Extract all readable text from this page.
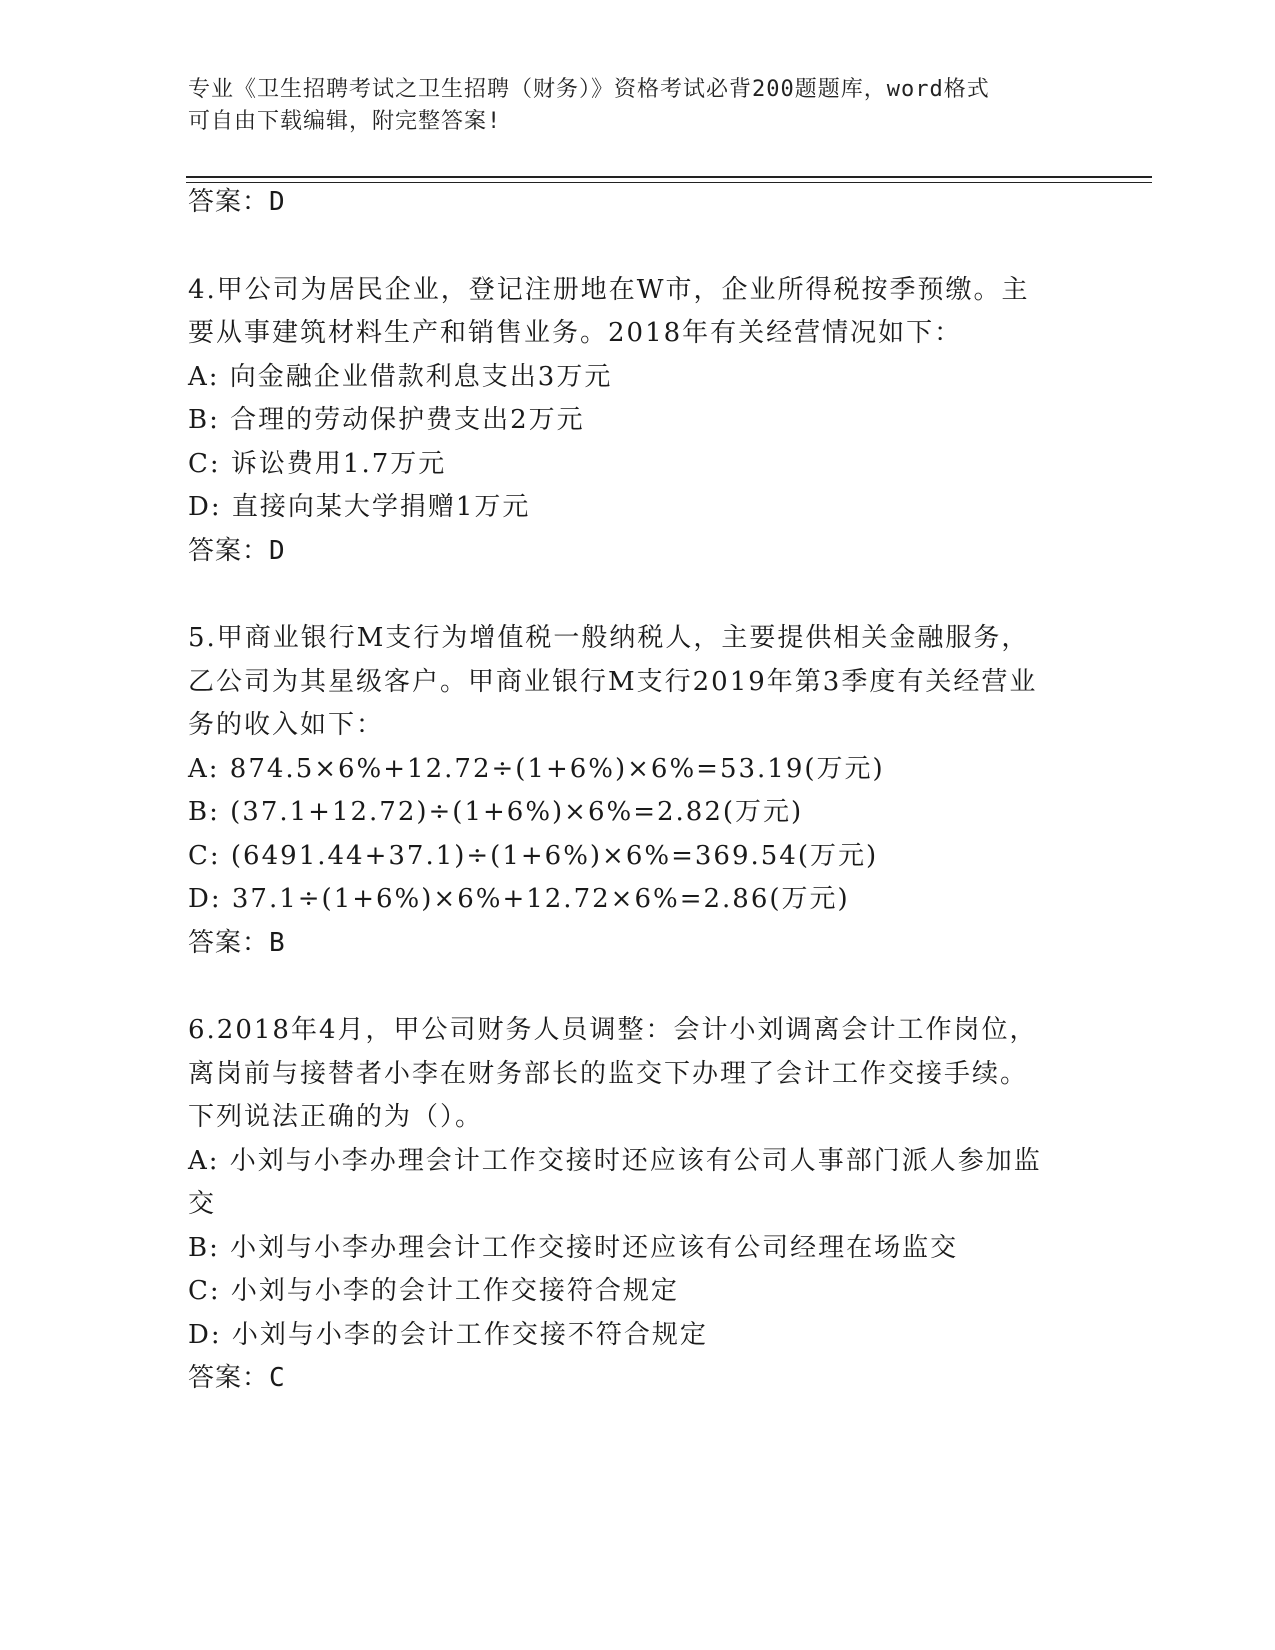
专业《卫生招聘考试之卫生招聘（财务）》资格考试必背200题题库，word格式
可自由下载编辑，附完整答案!
答案：D
4.甲公司为居民企业，登记注册地在W市，企业所得税按季预缴。主
要从事建筑材料生产和销售业务。2018年有关经营情况如下：
A: 向金融企业借款利息支出3万元
B: 合理的劳动保护费支出2万元
C: 诉讼费用1.7万元
D: 直接向某大学捐赠1万元
答案：D
5.甲商业银行M支行为增值税一般纳税人，主要提供相关金融服务，
乙公司为其星级客户。甲商业银行M支行2019年第3季度有关经营业
务的收入如下：
A: 874.5×6%+12.72÷(1+6%)×6%=53.19(万元)
B: (37.1+12.72)÷(1+6%)×6%=2.82(万元)
C: (6491.44+37.1)÷(1+6%)×6%=369.54(万元)
D: 37.1÷(1+6%)×6%+12.72×6%=2.86(万元)
答案：B
6.2018年4月，甲公司财务人员调整：会计小刘调离会计工作岗位，
离岗前与接替者小李在财务部长的监交下办理了会计工作交接手续。
下列说法正确的为（）。
A: 小刘与小李办理会计工作交接时还应该有公司人事部门派人参加监
交
B: 小刘与小李办理会计工作交接时还应该有公司经理在场监交
C: 小刘与小李的会计工作交接符合规定
D: 小刘与小李的会计工作交接不符合规定
答案：C
